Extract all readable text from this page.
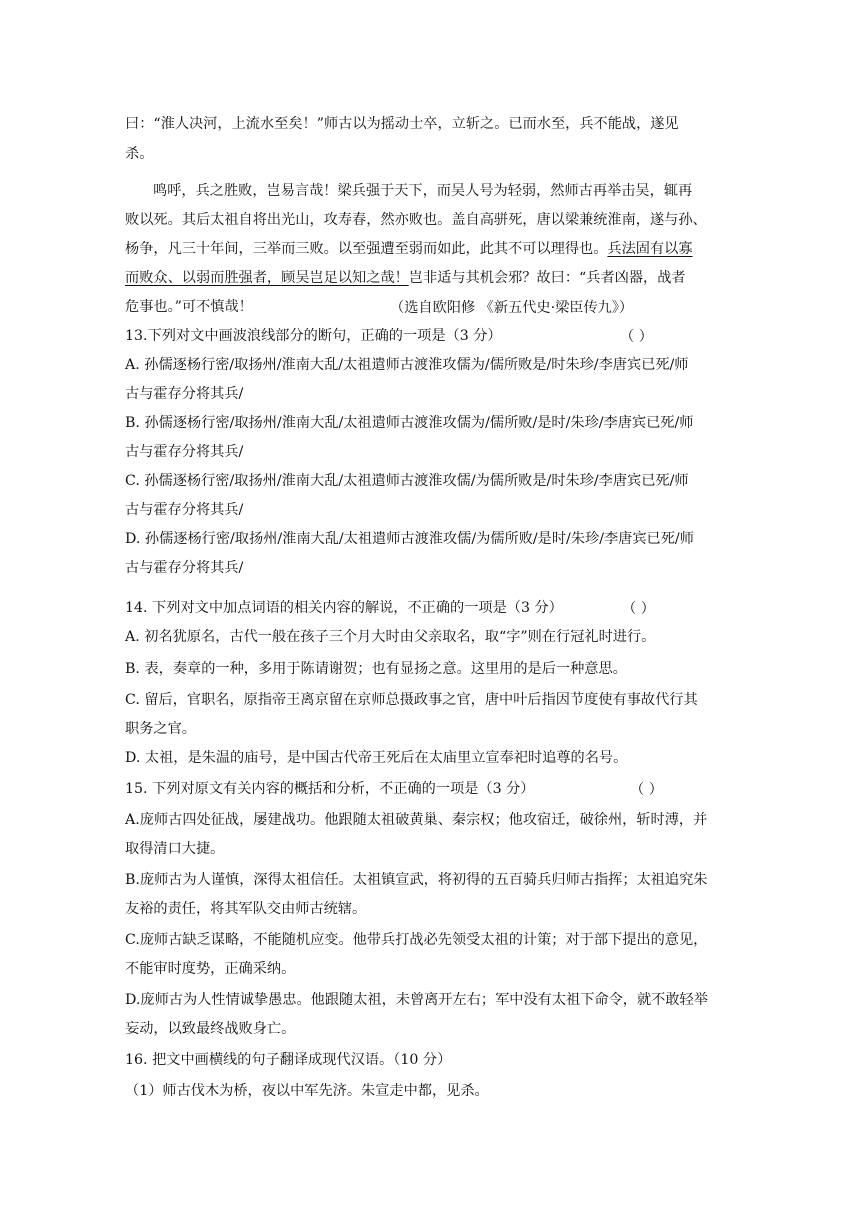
曰：“淮人决河，上流水至矣！”师古以为摇动士卒，立斩之。已而水至，兵不能战，遂见
杀。
鸣呼，兵之胜败，岂易言哉！梁兵强于天下，而吴人号为轻弱，然师古再举击吴，辄再
败以死。其后太祖自将出光山，攻寿春，然亦败也。盖自高骈死，唐以梁兼统淮南，遂与孙、
杨争，凡三十年间，三举而三败。以至强遭至弱而如此，此其不可以理得也。兵法固有以寡
而败众、以弱而胜强者，顾吴岂足以知之哉！岂非适与其机会邪？故曰：“兵者凶器，战者
危事也。”可不慎哉！	（选自欧阳修 《新五代史·梁臣传九》）
13.下列对文中画波浪线部分的断句，正确的一项是（3 分）	（ ）
A. 孙儒逐杨行密/取扬州/淮南大乱/太祖遣师古渡淮攻儒为/儒所败是/时朱珍/李唐宾已死/师
古与霍存分将其兵/
B. 孙儒逐杨行密/取扬州/淮南大乱/太祖遣师古渡淮攻儒为/儒所败/是时/朱珍/李唐宾已死/师
古与霍存分将其兵/
C. 孙儒逐杨行密/取扬州/淮南大乱/太祖遣师古渡淮攻儒/为儒所败是/时朱珍/李唐宾已死/师
古与霍存分将其兵/
D. 孙儒逐杨行密/取扬州/淮南大乱/太祖遣师古渡淮攻儒/为儒所败/是时/朱珍/李唐宾已死/师
古与霍存分将其兵/
14. 下列对文中加点词语的相关内容的解说，不正确的一项是（3 分）	（ ）
A. 初名犹原名，古代一般在孩子三个月大时由父亲取名，取“字”则在行冠礼时进行。
B. 表，奏章的一种，多用于陈请谢贺；也有显扬之意。这里用的是后一种意思。
C. 留后，官职名，原指帝王离京留在京师总摄政事之官，唐中叶后指因节度使有事故代行其
职务之官。
D. 太祖，是朱温的庙号，是中国古代帝王死后在太庙里立宣奉祀时追尊的名号。
15. 下列对原文有关内容的概括和分析，不正确的一项是（3 分）	（ ）
A.庞师古四处征战，屡建战功。他跟随太祖破黄巢、秦宗权；他攻宿迁，破徐州，斩时溥，并
取得清口大捷。
B.庞师古为人谨慎，深得太祖信任。太祖镇宣武，将初得的五百骑兵归师古指挥；太祖追究朱
友裕的责任，将其军队交由师古统辖。
C.庞师古缺乏谋略，不能随机应变。他带兵打战必先领受太祖的计策；对于部下提出的意见，
不能审时度势，正确采纳。
D.庞师古为人性情诚挚愚忠。他跟随太祖，未曾离开左右；军中没有太祖下命令，就不敢轻举
妄动，以致最终战败身亡。
16. 把文中画横线的句子翻译成现代汉语。（10 分）
（1）师古伐木为桥，夜以中军先济。朱宣走中都，见杀。
